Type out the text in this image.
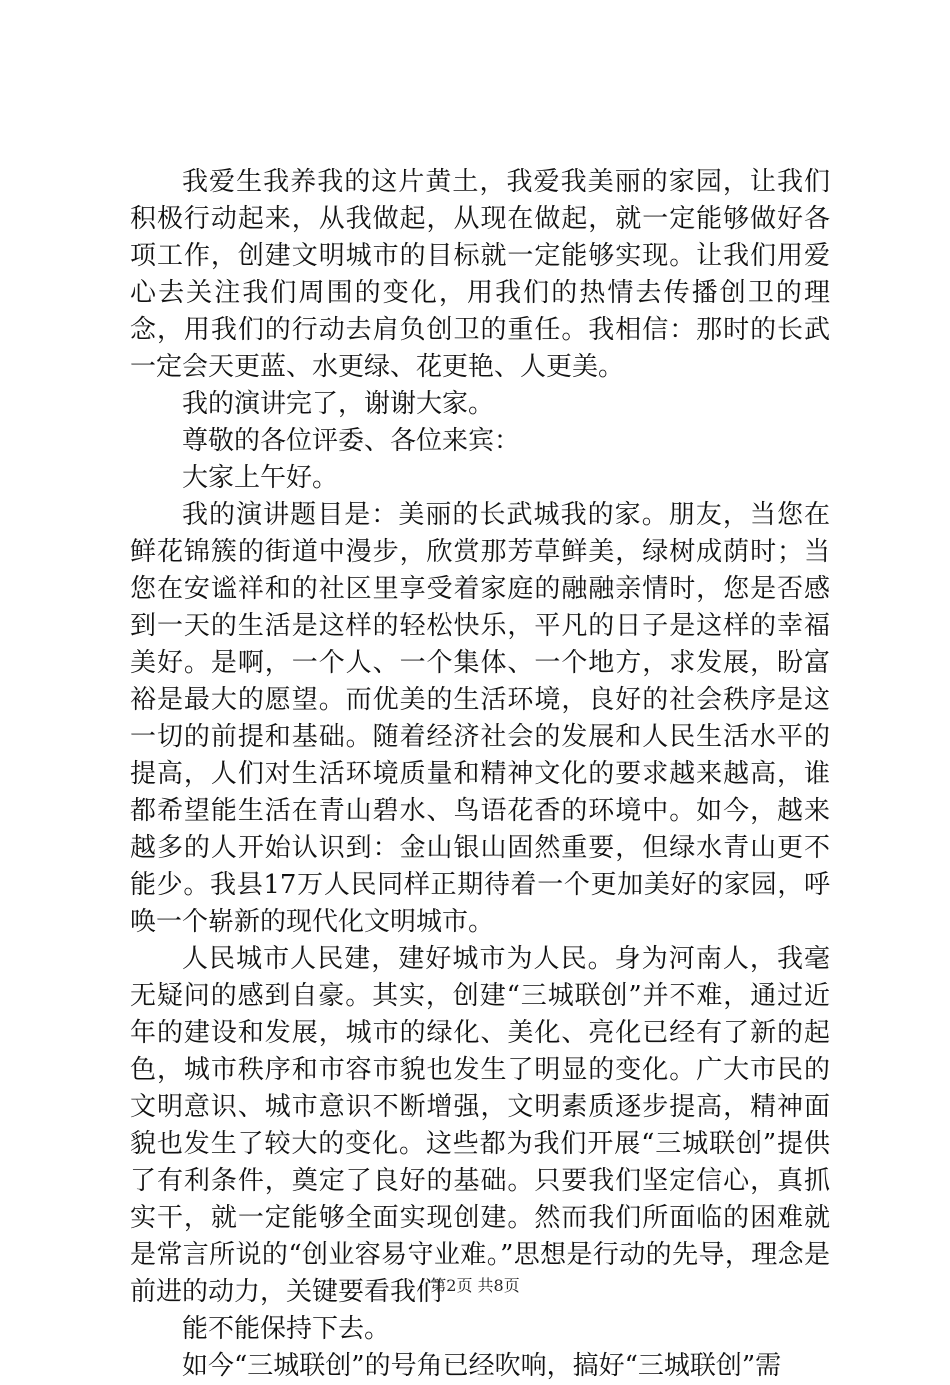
我爱生我养我的这片黄土，我爱我美丽的家园，让我们积极行动起来，从我做起，从现在做起，就一定能够做好各项工作，创建文明城市的目标就一定能够实现。让我们用爱心去关注我们周围的变化，用我们的热情去传播创卫的理念，用我们的行动去肩负创卫的重任。我相信：那时的长武一定会天更蓝、水更绿、花更艳、人更美。

我的演讲完了，谢谢大家。

尊敬的各位评委、各位来宾：

大家上午好。

我的演讲题目是：美丽的长武城我的家。朋友，当您在鲜花锦簇的街道中漫步，欣赏那芳草鲜美，绿树成荫时；当您在安谧祥和的社区里享受着家庭的融融亲情时，您是否感到一天的生活是这样的轻松快乐，平凡的日子是这样的幸福美好。是啊，一个人、一个集体、一个地方，求发展，盼富裕是最大的愿望。而优美的生活环境，良好的社会秩序是这一切的前提和基础。随着经济社会的发展和人民生活水平的提高，人们对生活环境质量和精神文化的要求越来越高，谁都希望能生活在青山碧水、鸟语花香的环境中。如今，越来越多的人开始认识到：金山银山固然重要，但绿水青山更不能少。我县17万人民同样正期待着一个更加美好的家园，呼唤一个崭新的现代化文明城市。

人民城市人民建，建好城市为人民。身为河南人，我毫无疑问的感到自豪。其实，创建“三城联创”并不难，通过近年的建设和发展，城市的绿化、美化、亮化已经有了新的起色，城市秩序和市容市貌也发生了明显的变化。广大市民的文明意识、城市意识不断增强，文明素质逐步提高，精神面貌也发生了较大的变化。这些都为我们开展“三城联创”提供了有利条件，奠定了良好的基础。只要我们坚定信心，真抓实干，就一定能够全面实现创建。然而我们所面临的困难就是常言所说的“创业容易守业难。”思想是行动的先导，理念是前进的动力，关键要看我们

能不能保持下去。

如今“三城联创”的号角已经吹响，搞好“三城联创”需

第2页 共8页
